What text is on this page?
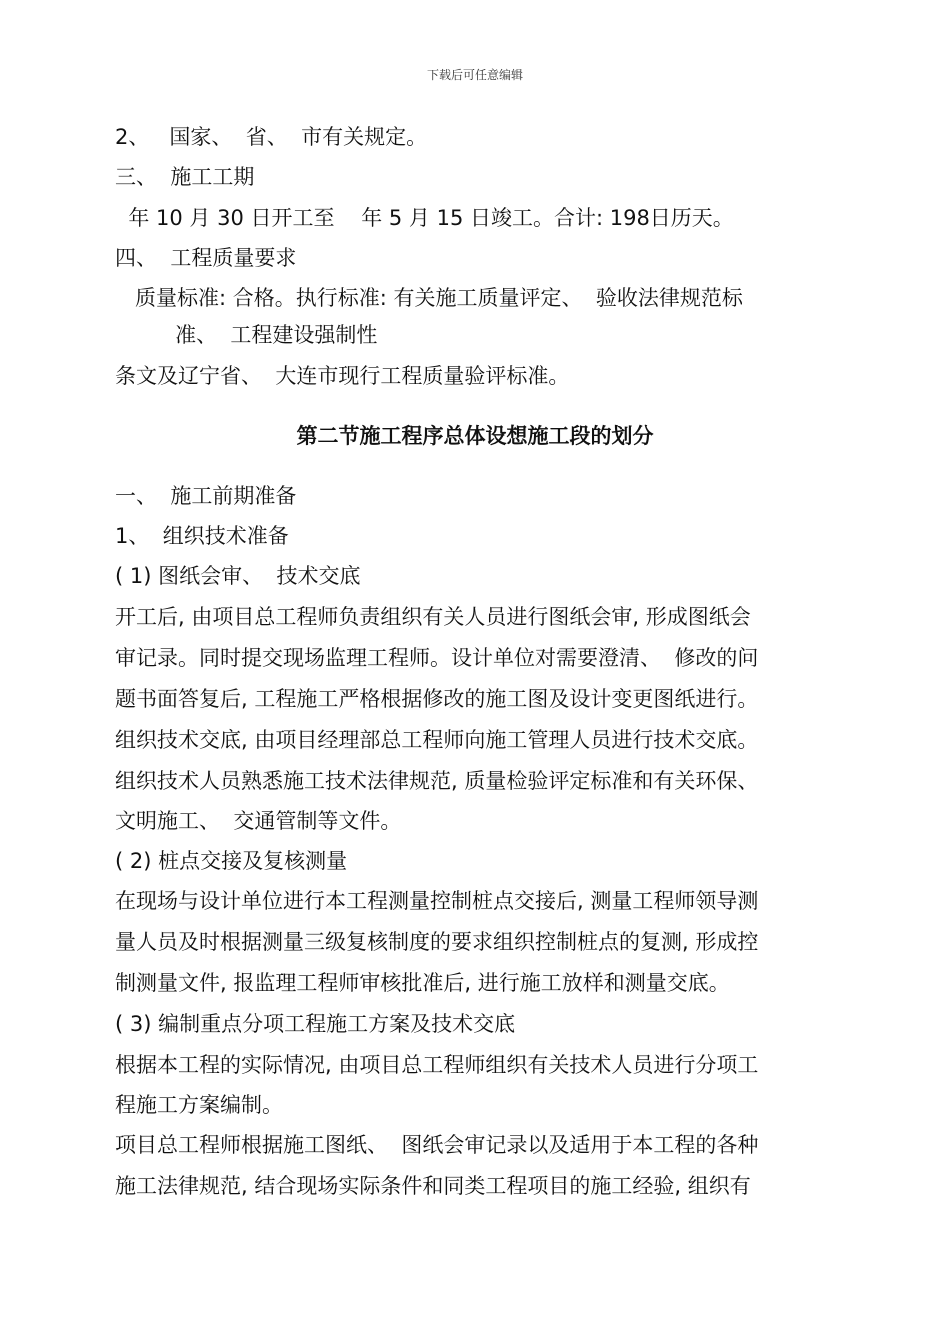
下载后可任意编辑
2、   国家、  省、  市有关规定。
三、  施工工期
年 10 月 30 日开工至    年 5 月 15 日竣工。合计: 198日历天。
四、  工程质量要求
质量标准: 合格。执行标准: 有关施工质量评定、  验收法律规范标
准、  工程建设强制性
条文及辽宁省、  大连市现行工程质量验评标准。
第二节施工程序总体设想施工段的划分
一、  施工前期准备
1、  组织技术准备
( 1) 图纸会审、  技术交底
开工后, 由项目总工程师负责组织有关人员进行图纸会审, 形成图纸会
审记录。同时提交现场监理工程师。设计单位对需要澄清、  修改的问
题书面答复后, 工程施工严格根据修改的施工图及设计变更图纸进行。
组织技术交底, 由项目经理部总工程师向施工管理人员进行技术交底。
组织技术人员熟悉施工技术法律规范, 质量检验评定标准和有关环保、
文明施工、  交通管制等文件。
( 2) 桩点交接及复核测量
在现场与设计单位进行本工程测量控制桩点交接后, 测量工程师领导测
量人员及时根据测量三级复核制度的要求组织控制桩点的复测, 形成控
制测量文件, 报监理工程师审核批准后, 进行施工放样和测量交底。
( 3) 编制重点分项工程施工方案及技术交底
根据本工程的实际情况, 由项目总工程师组织有关技术人员进行分项工
程施工方案编制。
项目总工程师根据施工图纸、  图纸会审记录以及适用于本工程的各种
施工法律规范, 结合现场实际条件和同类工程项目的施工经验, 组织有
